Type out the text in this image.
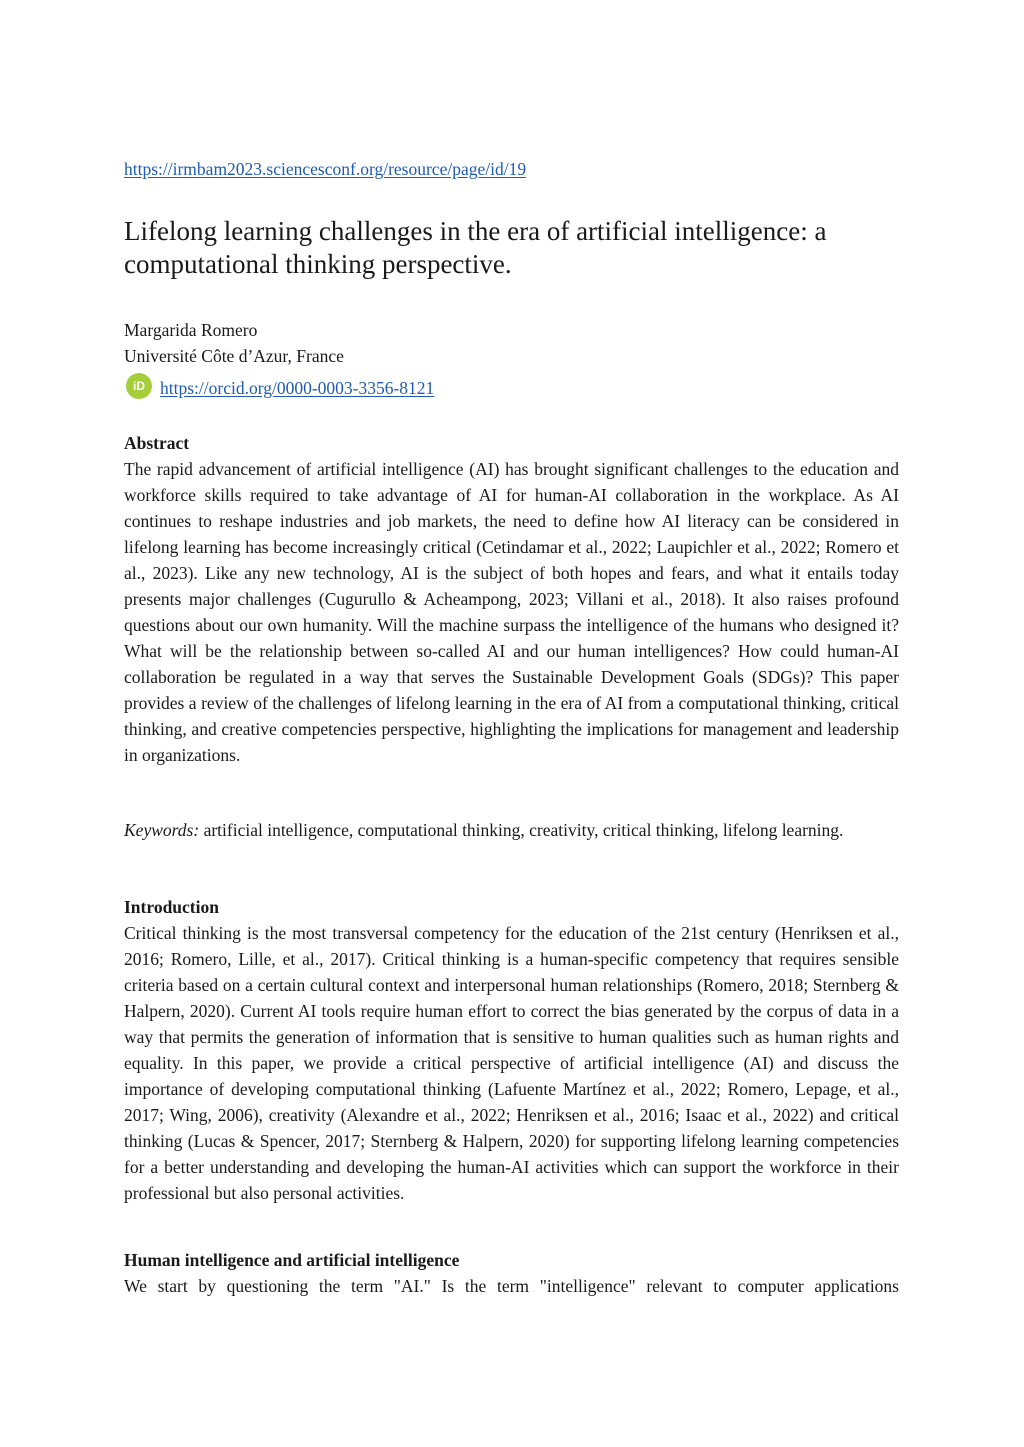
https://irmbam2023.sciencesconf.org/resource/page/id/19
Lifelong learning challenges in the era of artificial intelligence: a computational thinking perspective.
Margarida Romero
Université Côte d’Azur, France
iD https://orcid.org/0000-0003-3356-8121

Abstract

The rapid advancement of artificial intelligence (AI) has brought significant challenges to the education and workforce skills required to take advantage of AI for human-AI collaboration in the workplace. As AI continues to reshape industries and job markets, the need to define how AI literacy can be considered in lifelong learning has become increasingly critical (Cetindamar et al., 2022; Laupichler et al., 2022; Romero et al., 2023). Like any new technology, AI is the subject of both hopes and fears, and what it entails today presents major challenges (Cugurullo & Acheampong, 2023; Villani et al., 2018). It also raises profound questions about our own humanity. Will the machine surpass the intelligence of the humans who designed it? What will be the relationship between so-called AI and our human intelligences? How could human-AI collaboration be regulated in a way that serves the Sustainable Development Goals (SDGs)? This paper provides a review of the challenges of lifelong learning in the era of AI from a computational thinking, critical thinking, and creative competencies perspective, highlighting the implications for management and leadership in organizations.

Keywords: artificial intelligence, computational thinking, creativity, critical thinking, lifelong learning.

Introduction

Critical thinking is the most transversal competency for the education of the 21st century (Henriksen et al., 2016; Romero, Lille, et al., 2017). Critical thinking is a human-specific competency that requires sensible criteria based on a certain cultural context and interpersonal human relationships (Romero, 2018; Sternberg & Halpern, 2020). Current AI tools require human effort to correct the bias generated by the corpus of data in a way that permits the generation of information that is sensitive to human qualities such as human rights and equality. In this paper, we provide a critical perspective of artificial intelligence (AI) and discuss the importance of developing computational thinking (Lafuente Martínez et al., 2022; Romero, Lepage, et al., 2017; Wing, 2006), creativity (Alexandre et al., 2022; Henriksen et al., 2016; Isaac et al., 2022) and critical thinking (Lucas & Spencer, 2017; Sternberg & Halpern, 2020) for supporting lifelong learning competencies for a better understanding and developing the human-AI activities which can support the workforce in their professional but also personal activities.

Human intelligence and artificial intelligence

We start by questioning the term "AI." Is the term "intelligence" relevant to computer applications
